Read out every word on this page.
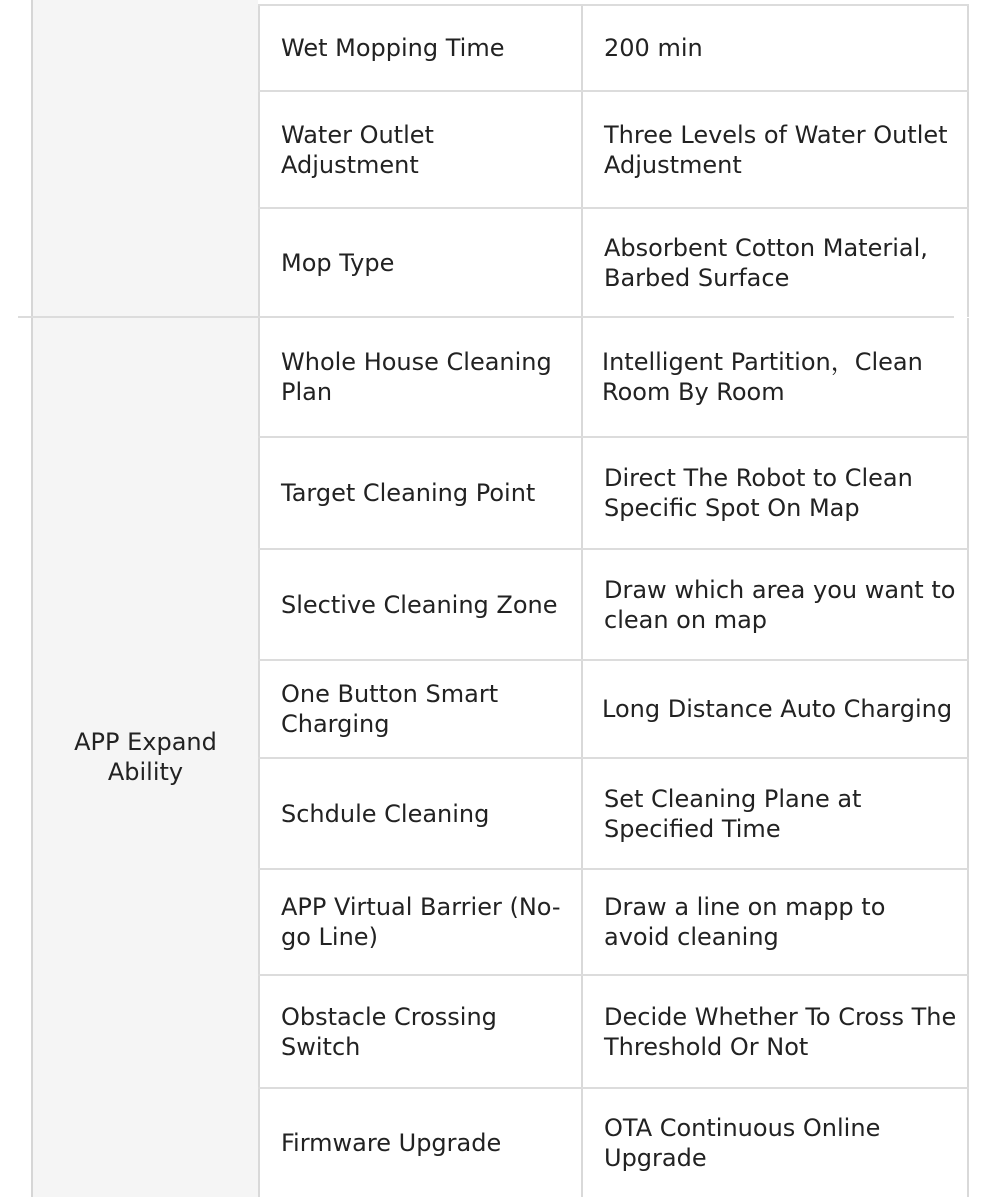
APP Expand Ability
Wet Mopping Time	200 min
Water Outlet Adjustment
Three Levels of Water Outlet Adjustment
Mop Type
Absorbent Cotton Material, Barbed Surface
Whole House Cleaning Plan
Intelligent Partition，Clean Room By Room
Target Cleaning Point
Direct The Robot to Clean Specific Spot On Map
Slective Cleaning Zone
Draw which area you want to clean on map
One Button Smart Charging
Long Distance Auto Charging
Schdule Cleaning
Set Cleaning Plane at Specified Time
APP Virtual Barrier (No-go Line)
Draw a line on mapp to avoid cleaning
Obstacle Crossing Switch
Decide Whether To Cross The Threshold Or Not
Firmware Upgrade
OTA Continuous Online Upgrade
